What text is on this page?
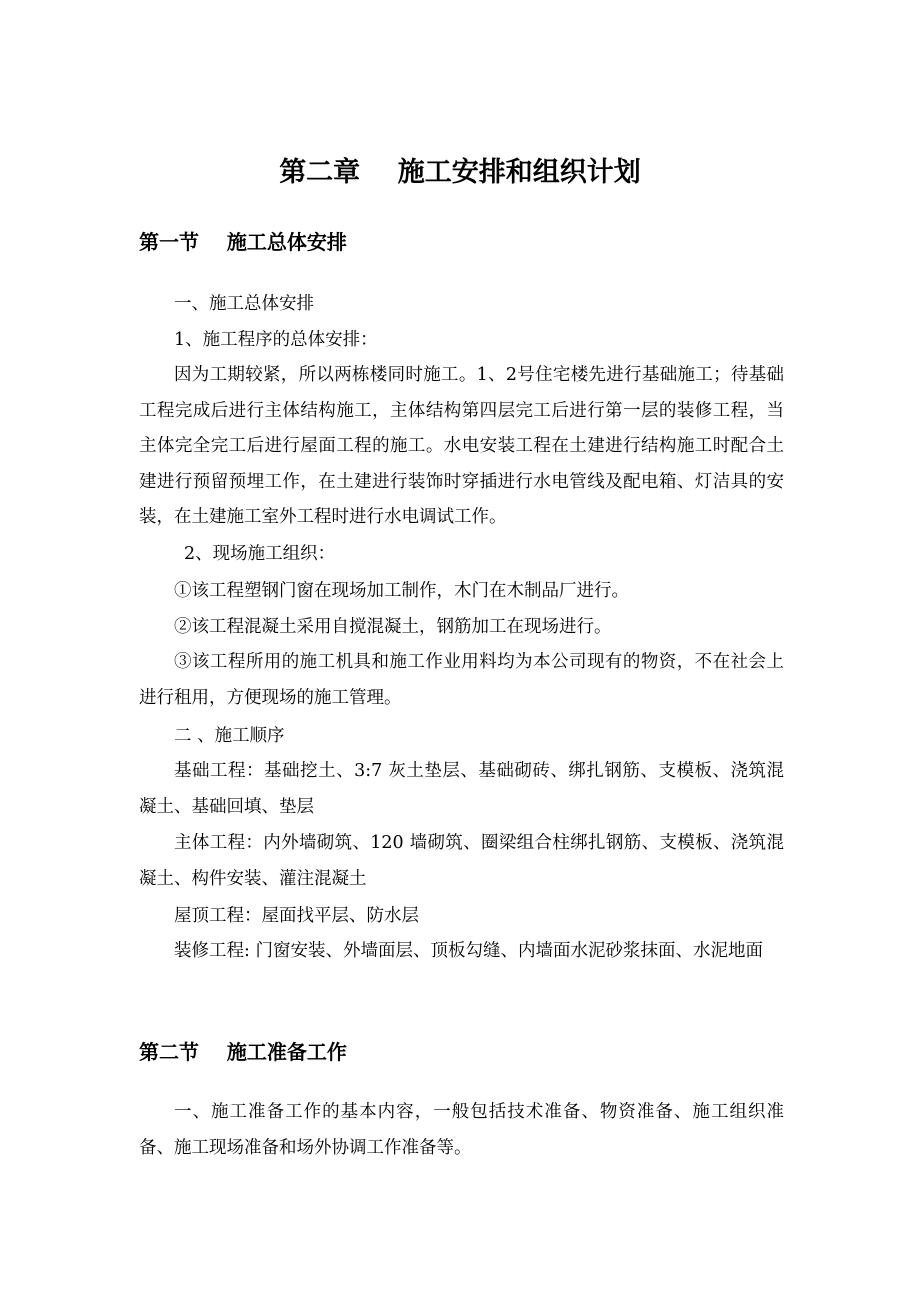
第二章    施工安排和组织计划
第一节    施工总体安排
一、施工总体安排
1、施工程序的总体安排：

因为工期较紧，所以两栋楼同时施工。1、2号住宅楼先进行基础施工；待基础工程完成后进行主体结构施工，主体结构第四层完工后进行第一层的装修工程，当主体完全完工后进行屋面工程的施工。水电安装工程在土建进行结构施工时配合土建进行预留预埋工作，在土建进行装饰时穿插进行水电管线及配电箱、灯洁具的安装，在土建施工室外工程时进行水电调试工作。

2、现场施工组织：
①该工程塑钢门窗在现场加工制作，木门在木制品厂进行。
②该工程混凝土采用自搅混凝土，钢筋加工在现场进行。

③该工程所用的施工机具和施工作业用料均为本公司现有的物资，不在社会上进行租用，方便现场的施工管理。

二 、施工顺序

基础工程：基础挖土、3:7 灰土垫层、基础砌砖、绑扎钢筋、支模板、浇筑混凝土、基础回填、垫层

主体工程：内外墙砌筑、120 墙砌筑、圈梁组合柱绑扎钢筋、支模板、浇筑混凝土、构件安装、灌注混凝土

屋顶工程：屋面找平层、防水层

装修工程: 门窗安装、外墙面层、顶板勾缝、内墙面水泥砂浆抹面、水泥地面

第二节    施工准备工作

一、施工准备工作的基本内容，一般包括技术准备、物资准备、施工组织准备、施工现场准备和场外协调工作准备等。
